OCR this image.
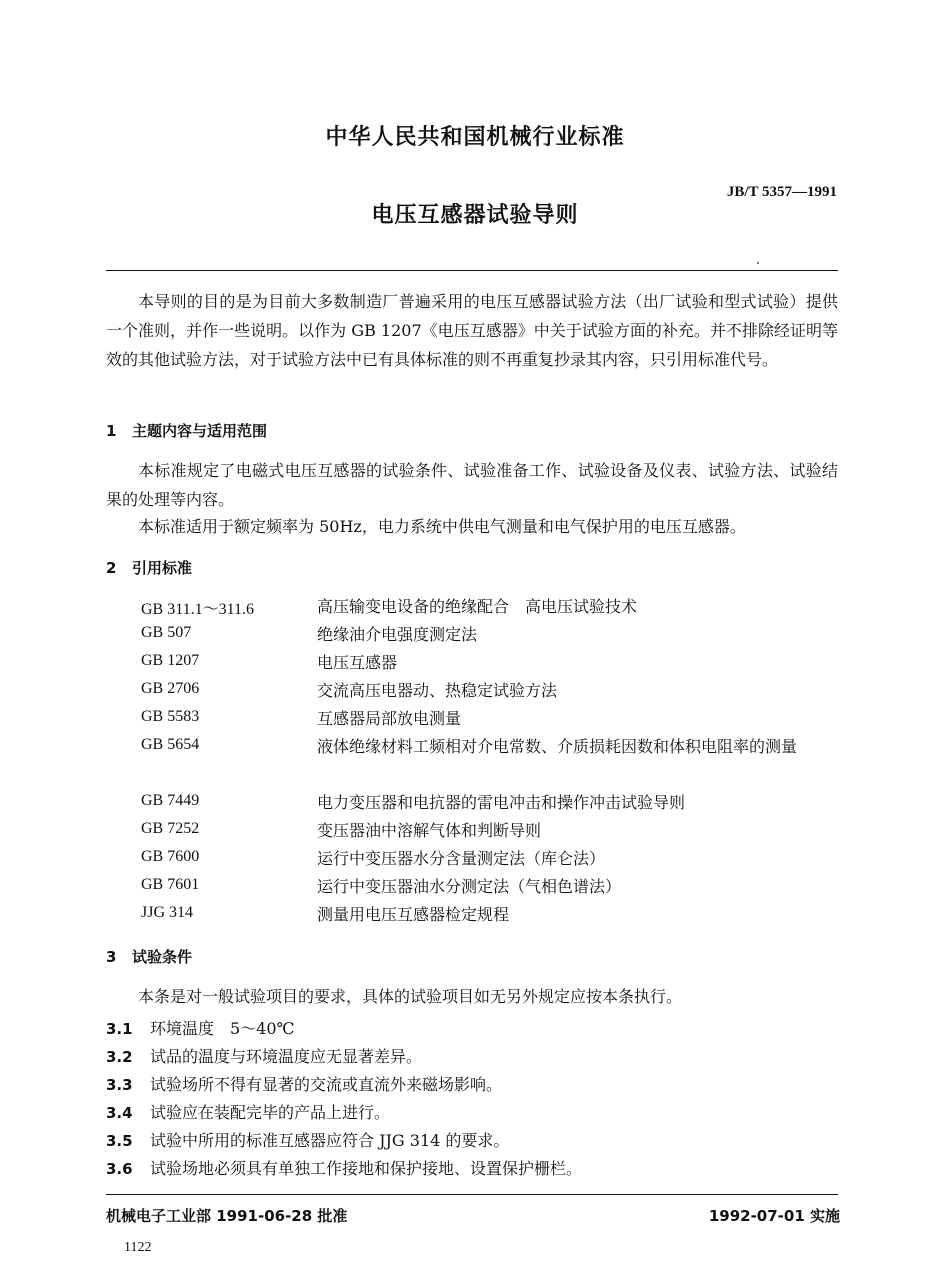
中华人民共和国机械行业标准
JB/T 5357—1991
电压互感器试验导则
本导则的目的是为目前大多数制造厂普遍采用的电压互感器试验方法（出厂试验和型式试验）提供一个准则，并作一些说明。以作为 GB 1207《电压互感器》中关于试验方面的补充。并不排除经证明等效的其他试验方法，对于试验方法中已有具体标准的则不再重复抄录其内容，只引用标准代号。
1 主题内容与适用范围
本标准规定了电磁式电压互感器的试验条件、试验准备工作、试验设备及仪表、试验方法、试验结果的处理等内容。
本标准适用于额定频率为 50Hz，电力系统中供电气测量和电气保护用的电压互感器。
2 引用标准
GB 311.1～311.6	高压输变电设备的绝缘配合　高电压试验技术
GB 507	绝缘油介电强度测定法
GB 1207	电压互感器
GB 2706	交流高压电器动、热稳定试验方法
GB 5583	互感器局部放电测量
GB 5654	液体绝缘材料工频相对介电常数、介质损耗因数和体积电阻率的测量
GB 7449	电力变压器和电抗器的雷电冲击和操作冲击试验导则
GB 7252	变压器油中溶解气体和判断导则
GB 7600	运行中变压器水分含量测定法（库仑法）
GB 7601	运行中变压器油水分测定法（气相色谱法）
JJG 314	测量用电压互感器检定规程
3 试验条件
本条是对一般试验项目的要求，具体的试验项目如无另外规定应按本条执行。
3.1 环境温度　5～40℃
3.2 试品的温度与环境温度应无显著差异。
3.3 试验场所不得有显著的交流或直流外来磁场影响。
3.4 试验应在装配完毕的产品上进行。
3.5 试验中所用的标准互感器应符合 JJG 314 的要求。
3.6 试验场地必须具有单独工作接地和保护接地、设置保护栅栏。
机械电子工业部 1991-06-28 批准	1992-07-01 实施
1122
